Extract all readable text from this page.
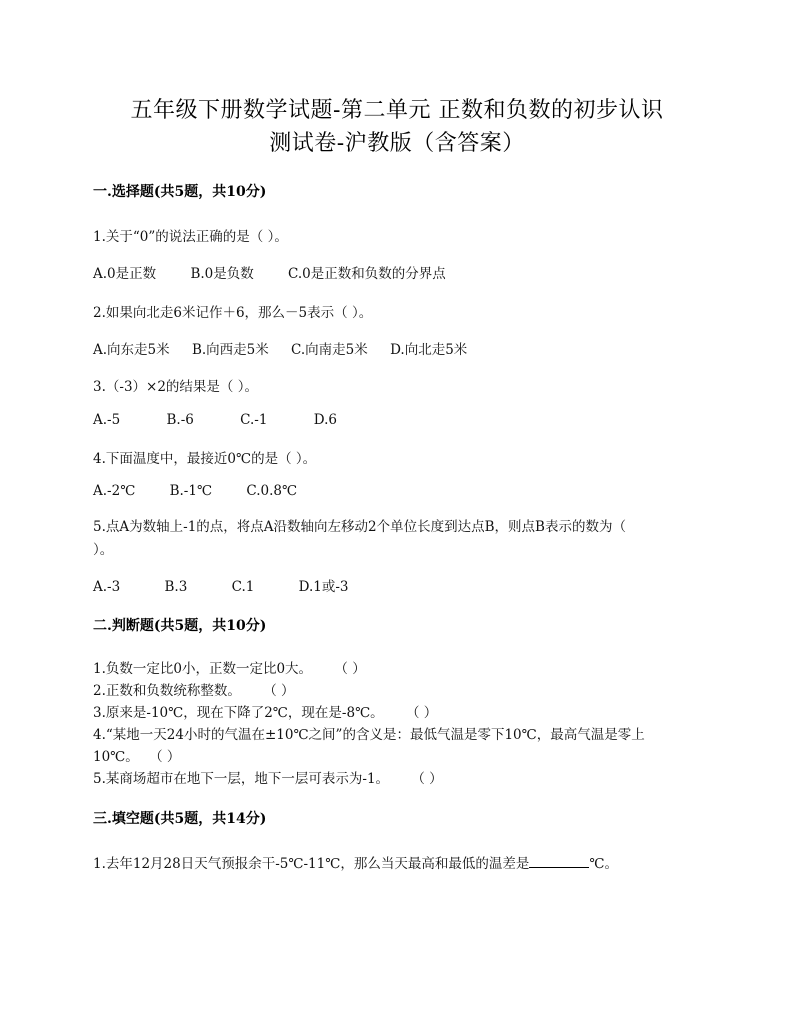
五年级下册数学试题-第二单元 正数和负数的初步认识
测试卷-沪教版（含答案）
一.选择题(共5题，共10分)
1.关于“0”的说法正确的是（ ）。
A.0是正数	B.0是负数	C.0是正数和负数的分界点
2.如果向北走6米记作＋6，那么－5表示（ ）。
A.向东走5米 B.向西走5米 C.向南走5米 D.向北走5米
3.（-3）×2的结果是（ ）。
A.-5	B.-6	C.-1	D.6
4.下面温度中，最接近0℃的是（ ）。
A.-2℃	B.-1℃	C.0.8℃
5.点A为数轴上-1的点，将点A沿数轴向左移动2个单位长度到达点B，则点B表示的数为（
）。
A.-3	B.3	C.1	D.1或-3
二.判断题(共5题，共10分)
1.负数一定比0小，正数一定比0大。 （ ）
2.正数和负数统称整数。 （ ）
3.原来是-10℃，现在下降了2℃，现在是-8℃。 （ ）
4.“某地一天24小时的气温在±10℃之间”的含义是：最低气温是零下10℃，最高气温是零上
10℃。 （ ）
5.某商场超市在地下一层，地下一层可表示为-1。 （ ）
三.填空题(共5题，共14分)
1.去年12月28日天气预报余干-5℃-11℃，那么当天最高和最低的温差是	℃。
